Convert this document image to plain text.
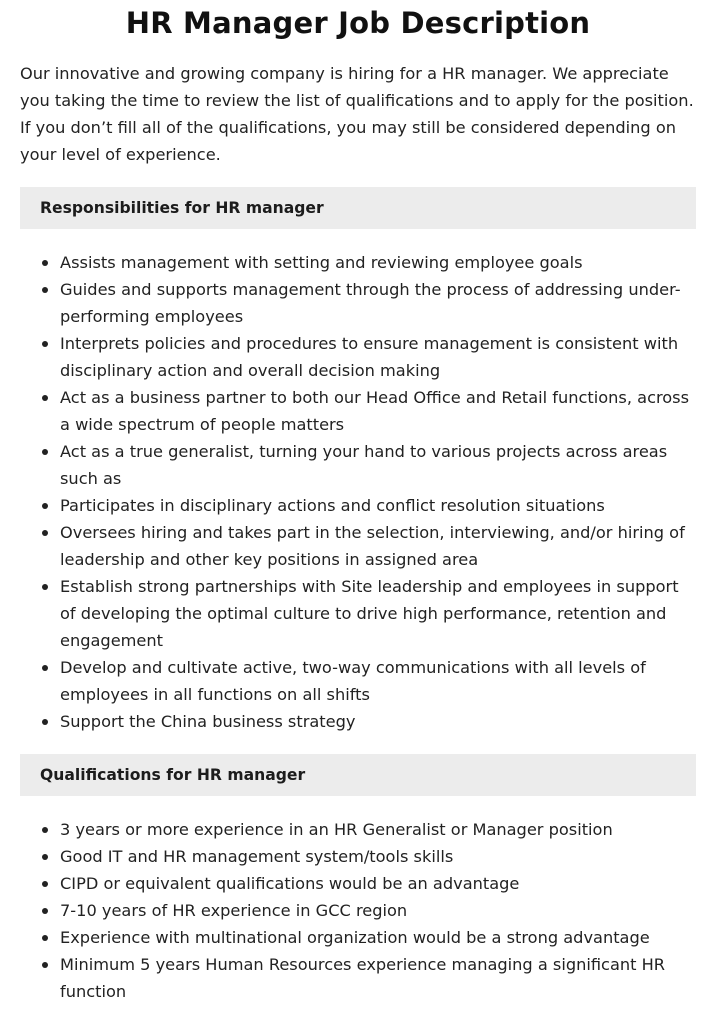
HR Manager Job Description

Our innovative and growing company is hiring for a HR manager. We appreciate you taking the time to review the list of qualifications and to apply for the position. If you don’t fill all of the qualifications, you may still be considered depending on your level of experience.

Responsibilities for HR manager
Assists management with setting and reviewing employee goals
Guides and supports management through the process of addressing under-performing employees
Interprets policies and procedures to ensure management is consistent with disciplinary action and overall decision making
Act as a business partner to both our Head Office and Retail functions, across a wide spectrum of people matters
Act as a true generalist, turning your hand to various projects across areas such as
Participates in disciplinary actions and conflict resolution situations
Oversees hiring and takes part in the selection, interviewing, and/or hiring of leadership and other key positions in assigned area
Establish strong partnerships with Site leadership and employees in support of developing the optimal culture to drive high performance, retention and engagement
Develop and cultivate active, two-way communications with all levels of employees in all functions on all shifts
Support the China business strategy
Qualifications for HR manager
3 years or more experience in an HR Generalist or Manager position
Good IT and HR management system/tools skills
CIPD or equivalent qualifications would be an advantage
7-10 years of HR experience in GCC region
Experience with multinational organization would be a strong advantage
Minimum 5 years Human Resources experience managing a significant HR function
